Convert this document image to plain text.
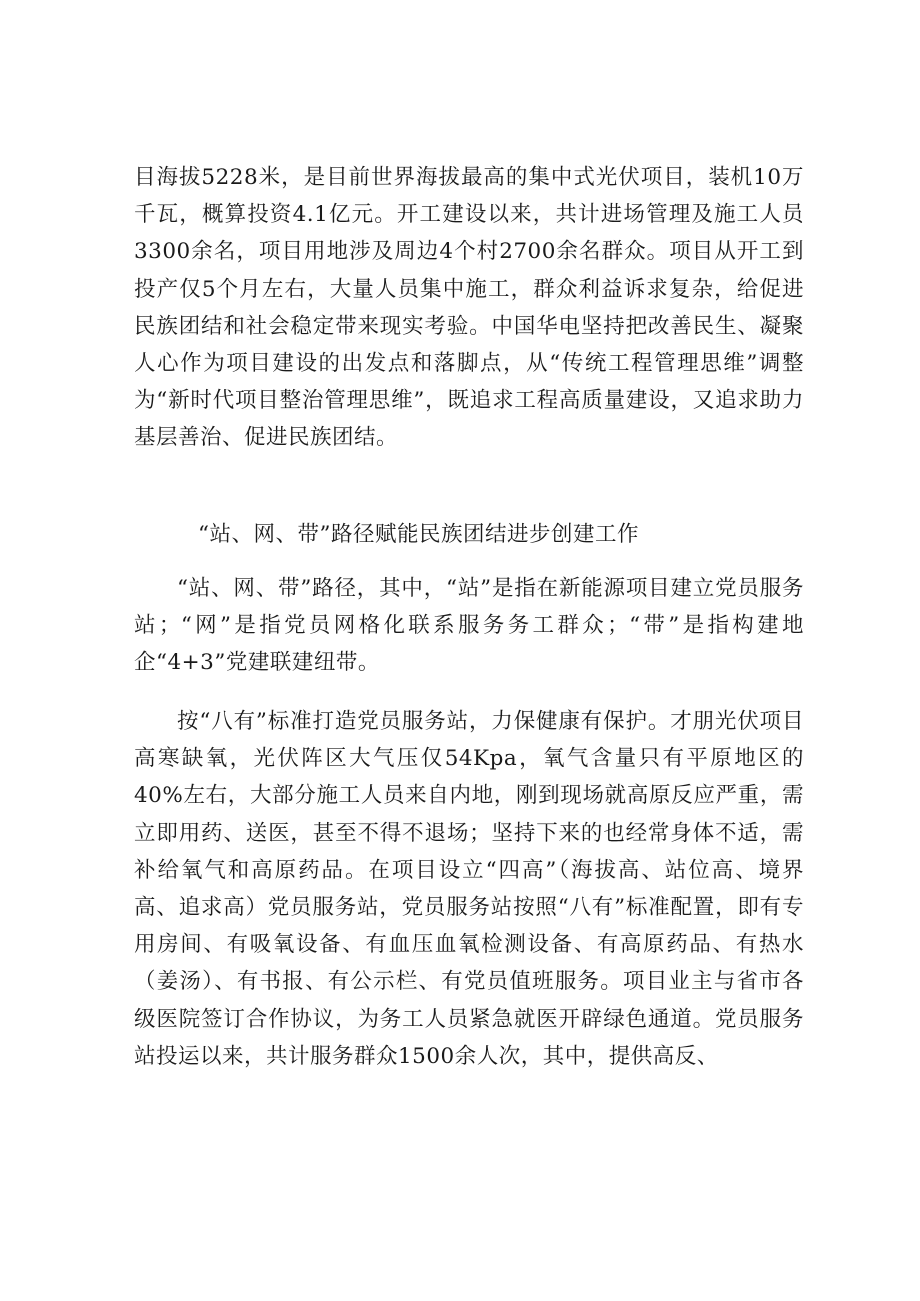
目海拔5228米，是目前世界海拔最高的集中式光伏项目，装机10万千瓦，概算投资4.1亿元。开工建设以来，共计进场管理及施工人员3300余名，项目用地涉及周边4个村2700余名群众。项目从开工到投产仅5个月左右，大量人员集中施工，群众利益诉求复杂，给促进民族团结和社会稳定带来现实考验。中国华电坚持把改善民生、凝聚人心作为项目建设的出发点和落脚点，从“传统工程管理思维”调整为“新时代项目整治管理思维”，既追求工程高质量建设，又追求助力基层善治、促进民族团结。

“站、网、带”路径赋能民族团结进步创建工作

“站、网、带”路径，其中，“站”是指在新能源项目建立党员服务站；“网”是指党员网格化联系服务务工群众；“带”是指构建地企“4+3”党建联建纽带。

按“八有”标准打造党员服务站，力保健康有保护。才朋光伏项目高寒缺氧，光伏阵区大气压仅54Kpa，氧气含量只有平原地区的40%左右，大部分施工人员来自内地，刚到现场就高原反应严重，需立即用药、送医，甚至不得不退场；坚持下来的也经常身体不适，需补给氧气和高原药品。在项目设立“四高”（海拔高、站位高、境界高、追求高）党员服务站，党员服务站按照“八有”标准配置，即有专用房间、有吸氧设备、有血压血氧检测设备、有高原药品、有热水（姜汤）、有书报、有公示栏、有党员值班服务。项目业主与省市各级医院签订合作协议，为务工人员紧急就医开辟绿色通道。党员服务站投运以来，共计服务群众1500余人次，其中，提供高反、
